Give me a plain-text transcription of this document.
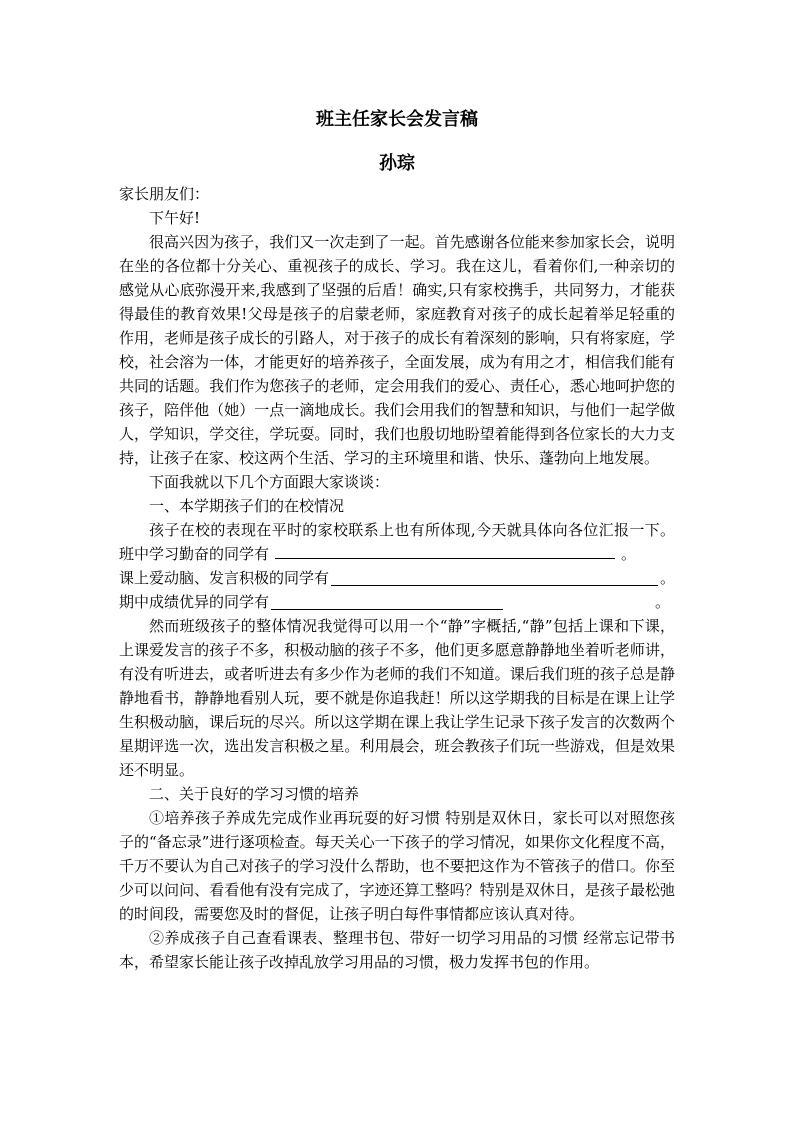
班主任家长会发言稿
孙琮

家长朋友们：

下午好!

很高兴因为孩子，我们又一次走到了一起。首先感谢各位能来参加家长会，说明在坐的各位都十分关心、重视孩子的成长、学习。我在这儿，看着你们,一种亲切的感觉从心底弥漫开来,我感到了坚强的后盾！确实,只有家校携手，共同努力，才能获得最佳的教育效果!父母是孩子的启蒙老师，家庭教育对孩子的成长起着举足轻重的作用，老师是孩子成长的引路人，对于孩子的成长有着深刻的影响，只有将家庭，学校，社会溶为一体，才能更好的培养孩子，全面发展，成为有用之才，相信我们能有共同的话题。我们作为您孩子的老师，定会用我们的爱心、责任心，悉心地呵护您的孩子，陪伴他（她）一点一滴地成长。我们会用我们的智慧和知识，与他们一起学做人，学知识，学交往，学玩耍。同时，我们也殷切地盼望着能得到各位家长的大力支持，让孩子在家、校这两个生活、学习的主环境里和谐、快乐、蓬勃向上地发展。

下面我就以下几个方面跟大家谈谈：

一、本学期孩子们的在校情况

孩子在校的表现在平时的家校联系上也有所体现,今天就具体向各位汇报一下。班中学习勤奋的同学有	。

课上爱动脑、发言积极的同学有	。

期中成绩优异的同学有	。

然而班级孩子的整体情况我觉得可以用一个“静”字概括,“静”包括上课和下课，上课爱发言的孩子不多，积极动脑的孩子不多，他们更多愿意静静地坐着听老师讲，有没有听进去，或者听进去有多少作为老师的我们不知道。课后我们班的孩子总是静静地看书，静静地看别人玩，要不就是你追我赶！所以这学期我的目标是在课上让学生积极动脑，课后玩的尽兴。所以这学期在课上我让学生记录下孩子发言的次数两个星期评选一次，选出发言积极之星。利用晨会，班会教孩子们玩一些游戏，但是效果还不明显。

二、关于良好的学习习惯的培养

①培养孩子养成先完成作业再玩耍的好习惯 特别是双休日，家长可以对照您孩子的“备忘录”进行逐项检查。每天关心一下孩子的学习情况，如果你文化程度不高，千万不要认为自己对孩子的学习没什么帮助，也不要把这作为不管孩子的借口。你至少可以问问、看看他有没有完成了，字迹还算工整吗？特别是双休日，是孩子最松弛的时间段，需要您及时的督促，让孩子明白每件事情都应该认真对待。

②养成孩子自己查看课表、整理书包、带好一切学习用品的习惯 经常忘记带书本，希望家长能让孩子改掉乱放学习用品的习惯，极力发挥书包的作用。
